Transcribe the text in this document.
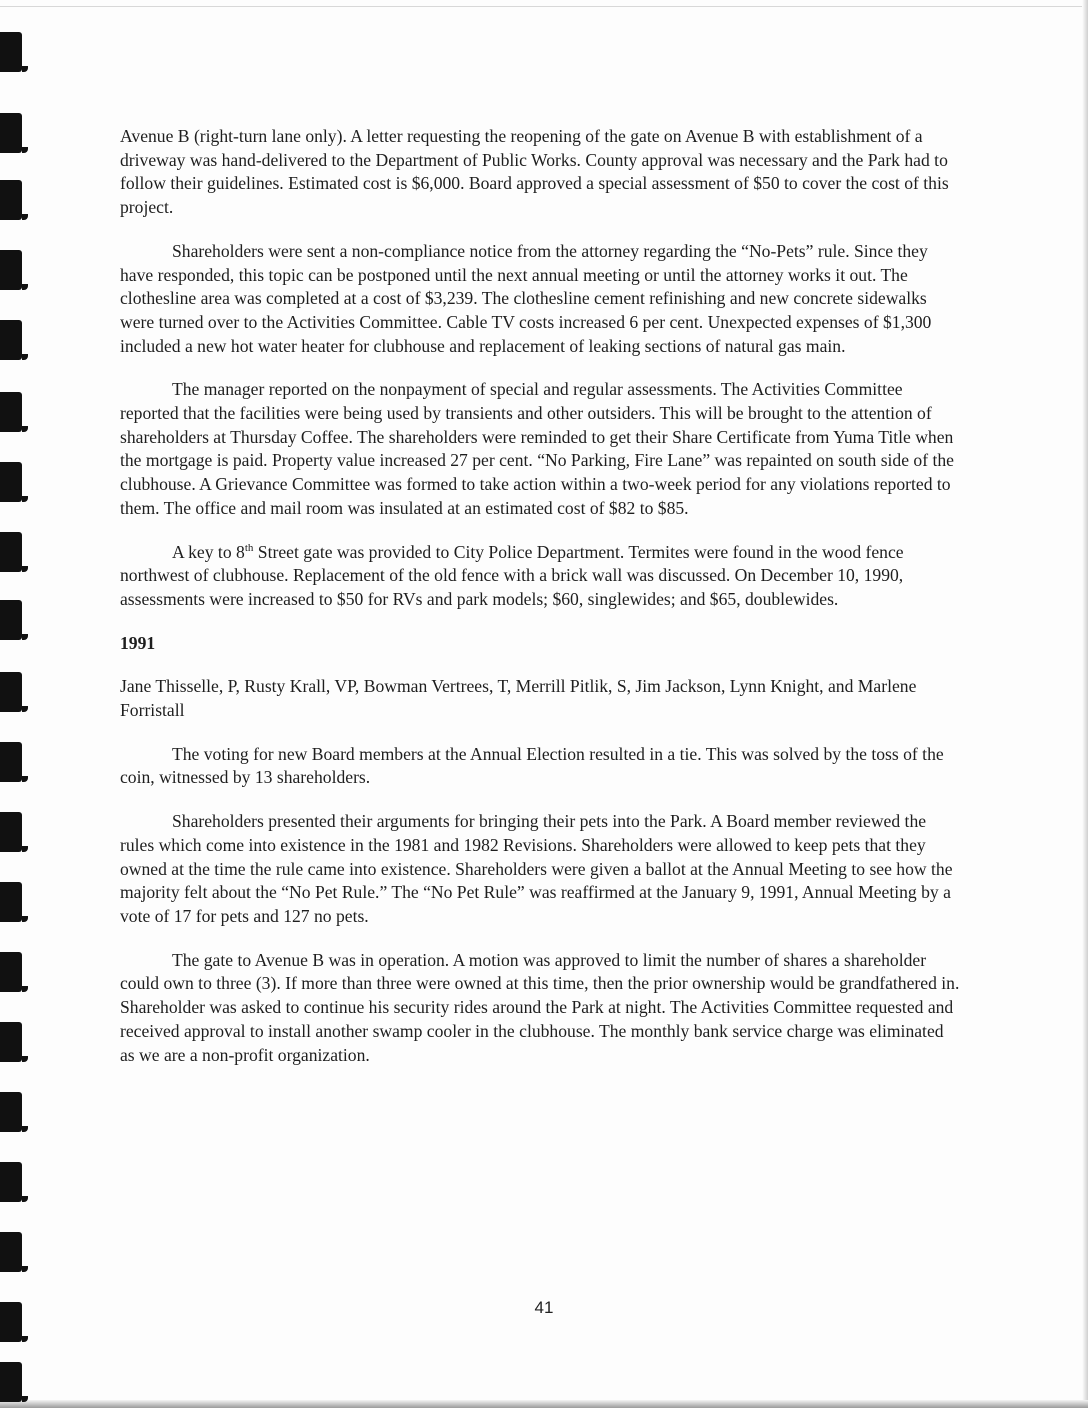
Avenue B (right-turn lane only). A letter requesting the reopening of the gate on Avenue B with establishment of a driveway was hand-delivered to the Department of Public Works. County approval was necessary and the Park had to follow their guidelines. Estimated cost is $6,000. Board approved a special assessment of $50 to cover the cost of this project.

Shareholders were sent a non-compliance notice from the attorney regarding the “No-Pets” rule. Since they have responded, this topic can be postponed until the next annual meeting or until the attorney works it out. The clothesline area was completed at a cost of $3,239. The clothesline cement refinishing and new concrete sidewalks were turned over to the Activities Committee. Cable TV costs increased 6 per cent. Unexpected expenses of $1,300 included a new hot water heater for clubhouse and replacement of leaking sections of natural gas main.

The manager reported on the nonpayment of special and regular assessments. The Activities Committee reported that the facilities were being used by transients and other outsiders. This will be brought to the attention of shareholders at Thursday Coffee. The shareholders were reminded to get their Share Certificate from Yuma Title when the mortgage is paid. Property value increased 27 per cent. “No Parking, Fire Lane” was repainted on south side of the clubhouse. A Grievance Committee was formed to take action within a two-week period for any violations reported to them. The office and mail room was insulated at an estimated cost of $82 to $85.

A key to 8th Street gate was provided to City Police Department. Termites were found in the wood fence northwest of clubhouse. Replacement of the old fence with a brick wall was discussed. On December 10, 1990, assessments were increased to $50 for RVs and park models; $60, singlewides; and $65, doublewides.

1991

Jane Thisselle, P, Rusty Krall, VP, Bowman Vertrees, T, Merrill Pitlik, S, Jim Jackson, Lynn Knight, and Marlene Forristall

The voting for new Board members at the Annual Election resulted in a tie. This was solved by the toss of the coin, witnessed by 13 shareholders.

Shareholders presented their arguments for bringing their pets into the Park. A Board member reviewed the rules which come into existence in the 1981 and 1982 Revisions. Shareholders were allowed to keep pets that they owned at the time the rule came into existence. Shareholders were given a ballot at the Annual Meeting to see how the majority felt about the “No Pet Rule.” The “No Pet Rule” was reaffirmed at the January 9, 1991, Annual Meeting by a vote of 17 for pets and 127 no pets.

The gate to Avenue B was in operation. A motion was approved to limit the number of shares a shareholder could own to three (3). If more than three were owned at this time, then the prior ownership would be grandfathered in. Shareholder was asked to continue his security rides around the Park at night. The Activities Committee requested and received approval to install another swamp cooler in the clubhouse. The monthly bank service charge was eliminated as we are a non-profit organization.

41
